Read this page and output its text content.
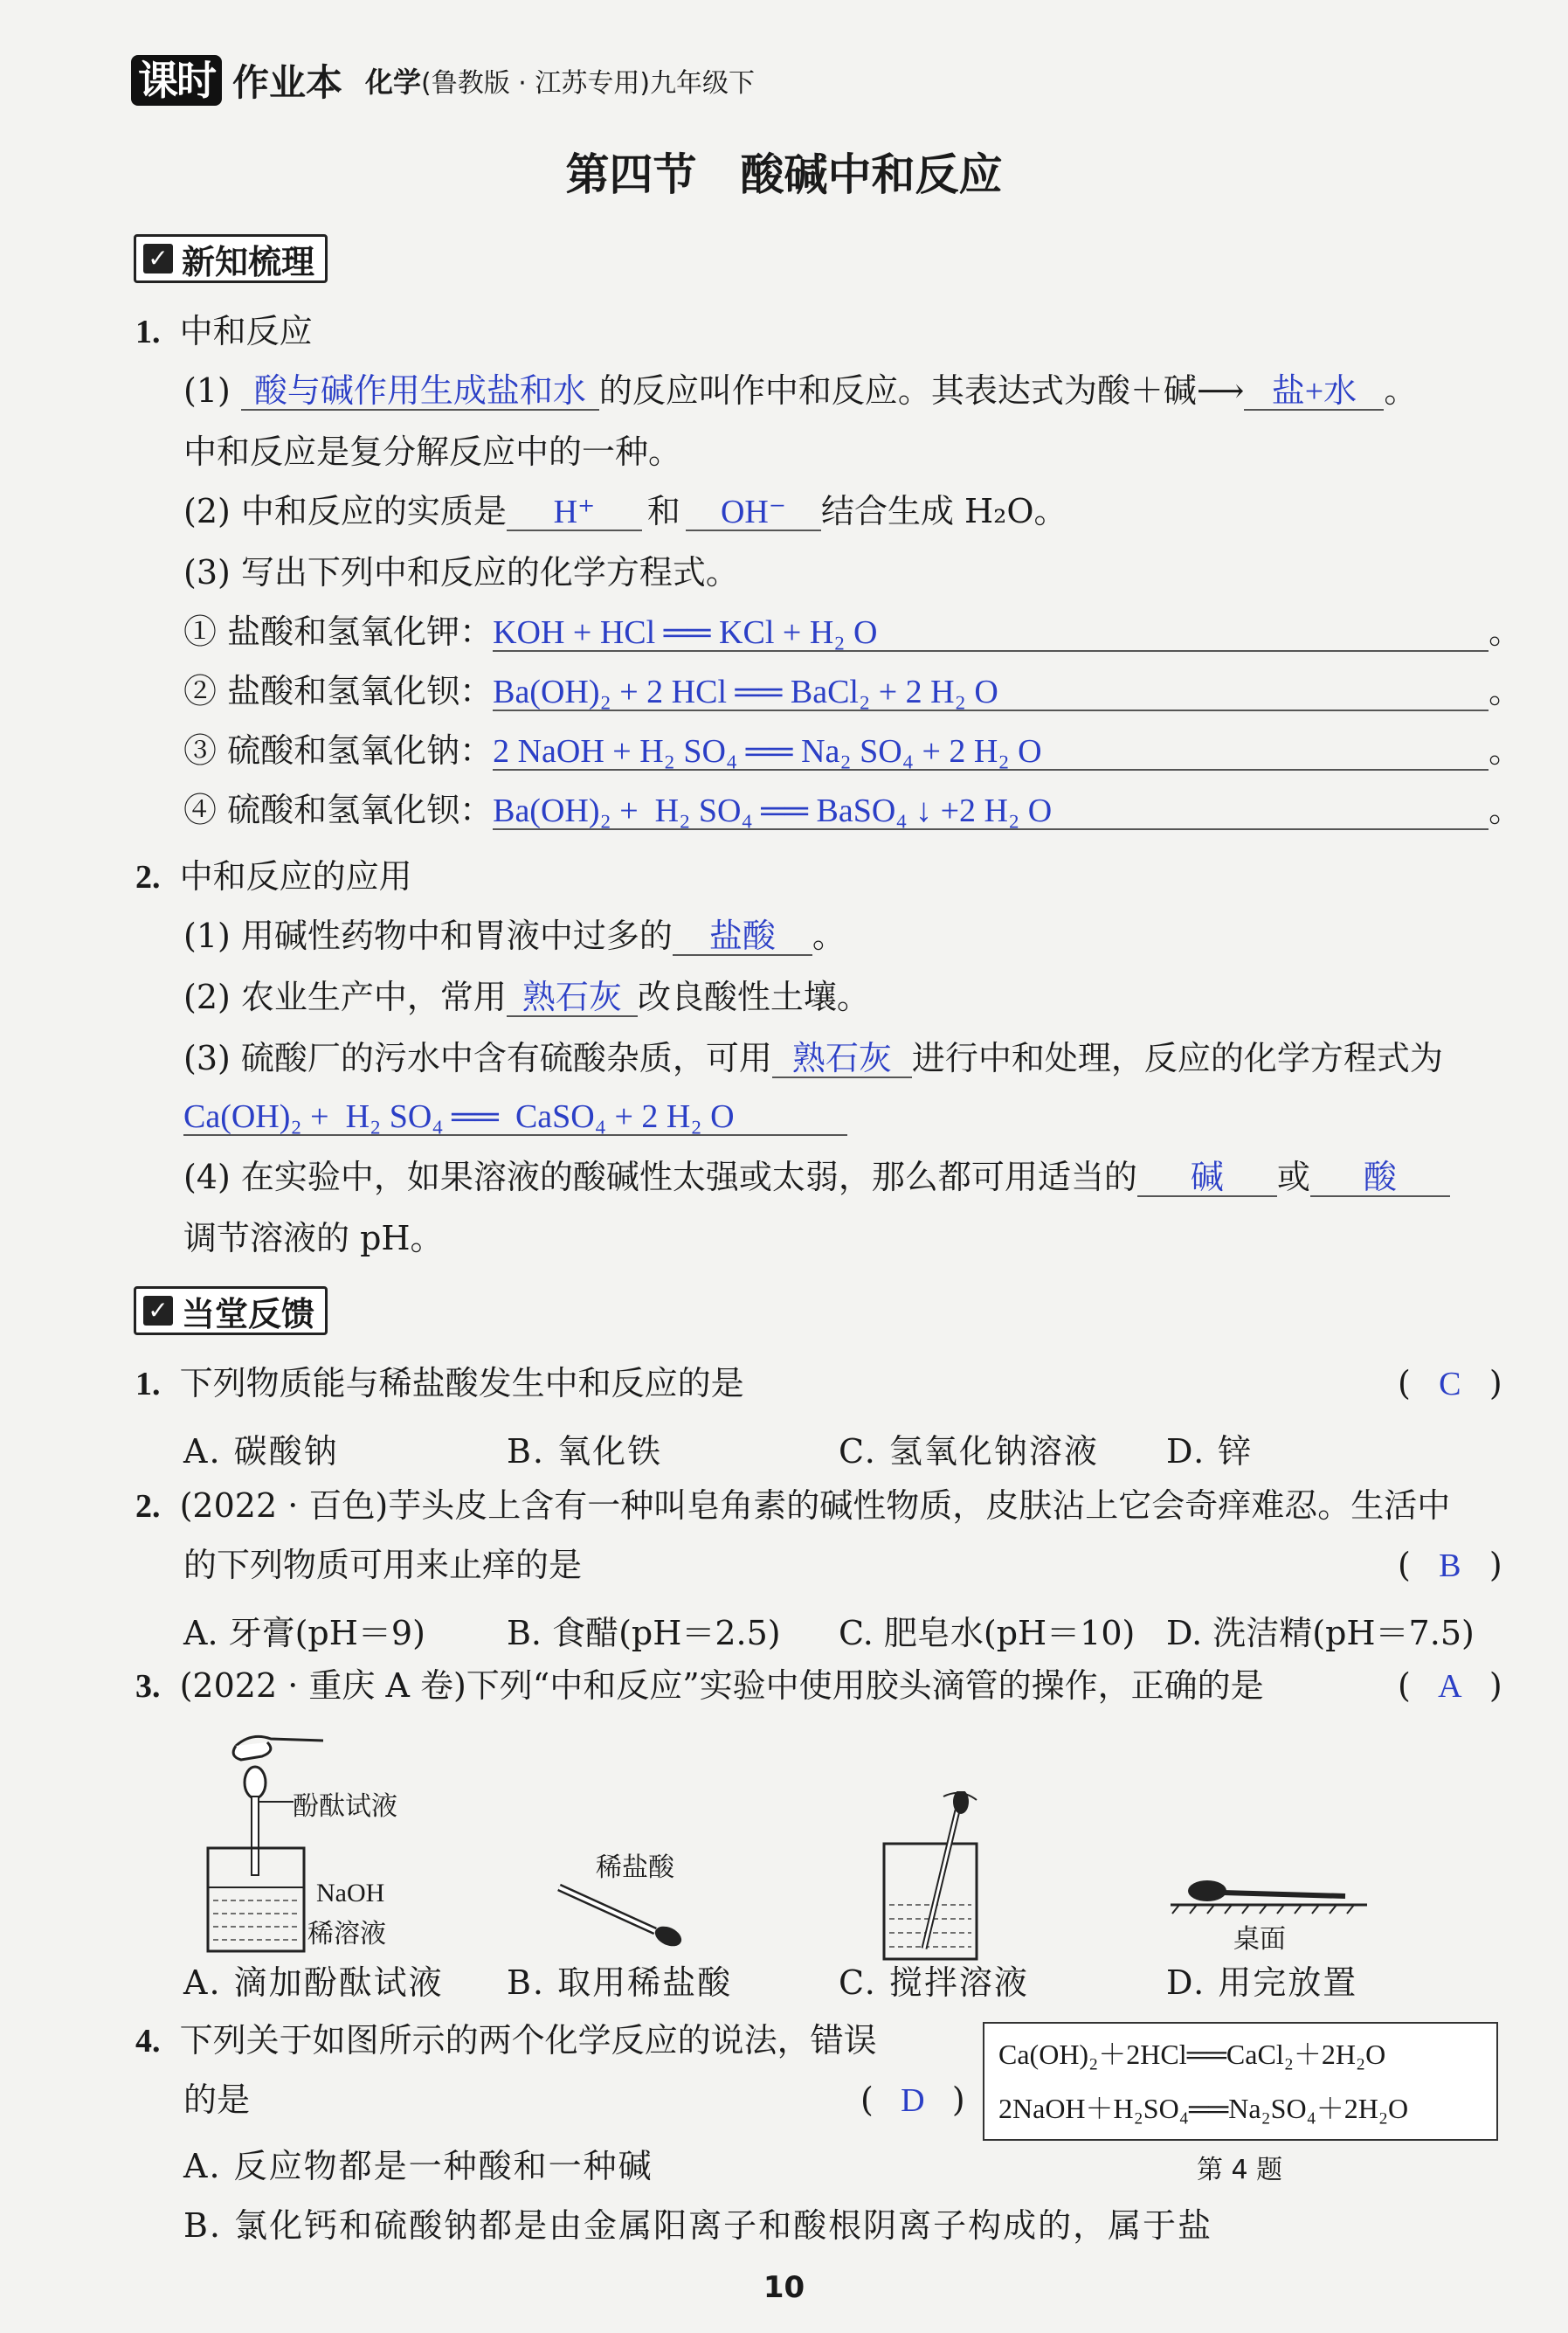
课时 作业本 化学 (鲁教版 · 江苏专用) 九年级下
第四节　酸碱中和反应
✓ 新知梳理
1. 中和反应
(1) 酸与碱作用生成盐和水 的反应叫作中和反应。其表达式为酸＋碱⟶ 盐+水 。
中和反应是复分解反应中的一种。
(2) 中和反应的实质是 H⁺ 和 OH⁻ 结合生成 H₂O。
(3) 写出下列中和反应的化学方程式。
① 盐酸和氢氧化钾：KOH + HCl ══ KCl + H₂ O	。
② 盐酸和氢氧化钡：Ba(OH)₂ + 2 HCl ══ BaCl₂ + 2 H₂ O	。
③ 硫酸和氢氧化钠：2 NaOH + H₂ SO₄ ══ Na₂ SO₄ + 2 H₂ O	。
④ 硫酸和氢氧化钡：Ba(OH)₂ +  H₂ SO₄ ══ BaSO₄ ↓ +2 H₂ O	。
2. 中和反应的应用
(1) 用碱性药物中和胃液中过多的 盐酸 。
(2) 农业生产中，常用 熟石灰 改良酸性土壤。
(3) 硫酸厂的污水中含有硫酸杂质，可用 熟石灰 进行中和处理，反应的化学方程式为
Ca(OH)₂ +  H₂ SO₄ ══  CaSO₄ + 2 H₂ O
(4) 在实验中，如果溶液的酸碱性太强或太弱，那么都可用适当的 碱 或 酸
调节溶液的 pH。
✓ 当堂反馈
1. 下列物质能与稀盐酸发生中和反应的是	( C )
A. 碳酸钠	B. 氧化铁	C. 氢氧化钠溶液 D. 锌
2. (2022 · 百色)芋头皮上含有一种叫皂角素的碱性物质，皮肤沾上它会奇痒难忍。生活中
的下列物质可用来止痒的是	( B )
A. 牙膏(pH＝9) B. 食醋(pH＝2.5) C. 肥皂水(pH＝10) D. 洗洁精(pH＝7.5)
3. (2022 · 重庆 A 卷)下列“中和反应”实验中使用胶头滴管的操作，正确的是	( A )
酚酞试液
NaOH
稀溶液
稀盐酸
桌面
A. 滴加酚酞试液 B. 取用稀盐酸	C. 搅拌溶液	D. 用完放置
4. 下列关于如图所示的两个化学反应的说法，错误
的是	( D )
Ca(OH)₂＋2HCl══CaCl₂＋2H₂O
2NaOH＋H₂SO₄══Na₂SO₄＋2H₂O
第 4 题
A. 反应物都是一种酸和一种碱
B. 氯化钙和硫酸钠都是由金属阳离子和酸根阴离子构成的，属于盐
10
